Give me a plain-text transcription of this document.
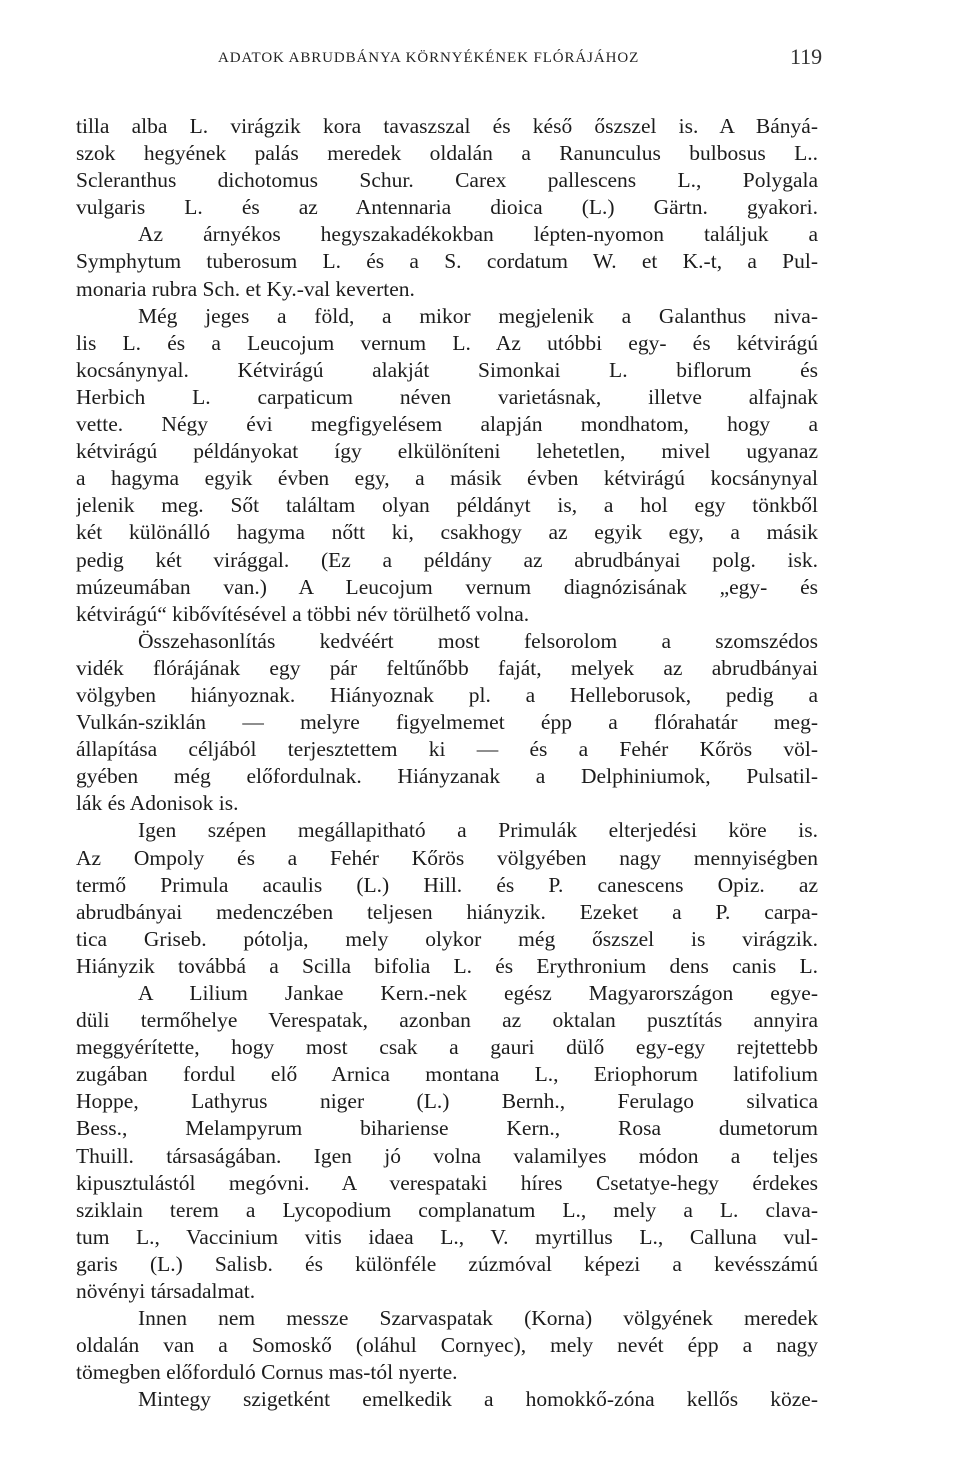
ADATOK ABRUDBÁNYA KÖRNYÉKÉNEK FLÓRÁJÁHOZ	119
tilla alba L. virágzik kora tavaszszal és késő őszszel is. A Bányá-
szok hegyének palás meredek oldalán a Ranunculus bulbosus L..
Scleranthus dichotomus Schur. Carex pallescens L., Polygala
vulgaris L. és az Antennaria dioica (L.) Gärtn. gyakori.
Az árnyékos hegyszakadékokban lépten-nyomon találjuk a
Symphytum tuberosum L. és a S. cordatum W. et K.-t, a Pul-
monaria rubra Sch. et Ky.-val keverten.
Még jeges a föld, a mikor megjelenik a Galanthus niva-
lis L. és a Leucojum vernum L. Az utóbbi egy- és kétvirágú
kocsánynyal. Kétvirágú alakját Simonkai L. biflorum és
Herbich L. carpaticum néven varietásnak, illetve alfajnak
vette. Négy évi megfigyelésem alapján mondhatom, hogy a
kétvirágú példányokat így elkülöníteni lehetetlen, mivel ugyanaz
a hagyma egyik évben egy, a másik évben kétvirágú kocsánynyal
jelenik meg. Sőt találtam olyan példányt is, a hol egy tönkből
két különálló hagyma nőtt ki, csakhogy az egyik egy, a másik
pedig két virággal. (Ez a példány az abrudbányai polg. isk.
múzeumában van.) A Leucojum vernum diagnózisának „egy- és
kétvirágú“ kibővítésével a többi név törülhető volna.
Összehasonlítás kedvéért most felsorolom a szomszédos
vidék flórájának egy pár feltűnőbb faját, melyek az abrudbányai
völgyben hiányoznak. Hiányoznak pl. a Helleborusok, pedig a
Vulkán-sziklán — melyre figyelmemet épp a flórahatár meg-
állapítása céljából terjesztettem ki — és a Fehér Kőrös völ-
gyében még előfordulnak. Hiányzanak a Delphiniumok, Pulsatil-
lák és Adonisok is.
Igen szépen megállapitható a Primulák elterjedési köre is.
Az Ompoly és a Fehér Kőrös völgyében nagy mennyiségben
termő Primula acaulis (L.) Hill. és P. canescens Opiz. az
abrudbányai medenczében teljesen hiányzik. Ezeket a P. carpa-
tica Griseb. pótolja, mely olykor még őszszel is virágzik.
Hiányzik továbbá a Scilla bifolia L. és Erythronium dens canis L.
A Lilium Jankae Kern.-nek egész Magyarországon egye-
düli termőhelye Verespatak, azonban az oktalan pusztítás annyira
meggyérítette, hogy most csak a gauri dülő egy-egy rejtettebb
zugában fordul elő Arnica montana L., Eriophorum latifolium
Hoppe, Lathyrus niger (L.) Bernh., Ferulago silvatica
Bess., Melampyrum bihariense Kern., Rosa dumetorum
Thuill. társaságában. Igen jó volna valamilyes módon a teljes
kipusztulástól megóvni. A verespataki híres Csetatye-hegy érdekes
sziklain terem a Lycopodium complanatum L., mely a L. clava-
tum L., Vaccinium vitis idaea L., V. myrtillus L., Calluna vul-
garis (L.) Salisb. és különféle zúzmóval képezi a kevésszámú
növényi társadalmat.
Innen nem messze Szarvaspatak (Korna) völgyének meredek
oldalán van a Somoskő (oláhul Cornyec), mely nevét épp a nagy
tömegben előforduló Cornus mas-tól nyerte.
Mintegy szigetként emelkedik a homokkő-zóna kellős köze-
